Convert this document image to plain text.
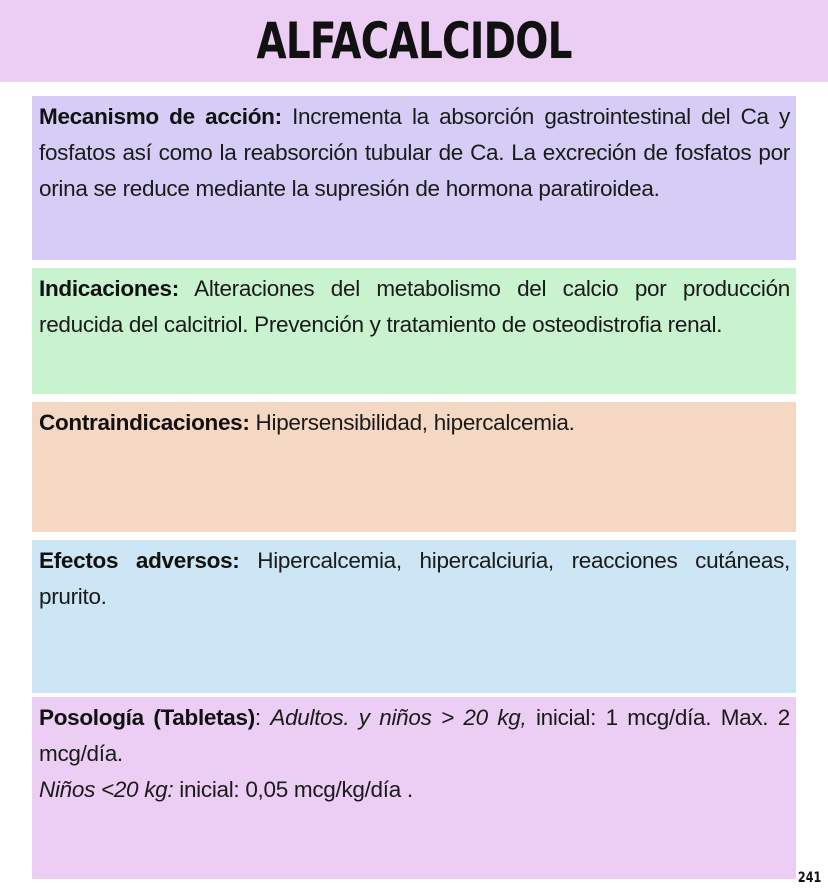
ALFACALCIDOL
Mecanismo de acción: Incrementa la absorción gastrointestinal del Ca y fosfatos así como la reabsorción tubular de Ca. La excreción de fosfatos por orina se reduce mediante la supresión de hormona paratiroidea.
Indicaciones: Alteraciones del metabolismo del calcio por producción reducida del calcitriol. Prevención y tratamiento de osteodistrofia renal.
Contraindicaciones: Hipersensibilidad, hipercalcemia.
Efectos adversos: Hipercalcemia, hipercalciuria, reacciones cutáneas, prurito.
Posología (Tabletas): Adultos. y niños > 20 kg, inicial: 1 mcg/día. Max. 2 mcg/día.
Niños <20 kg: inicial: 0,05 mcg/kg/día .
241
